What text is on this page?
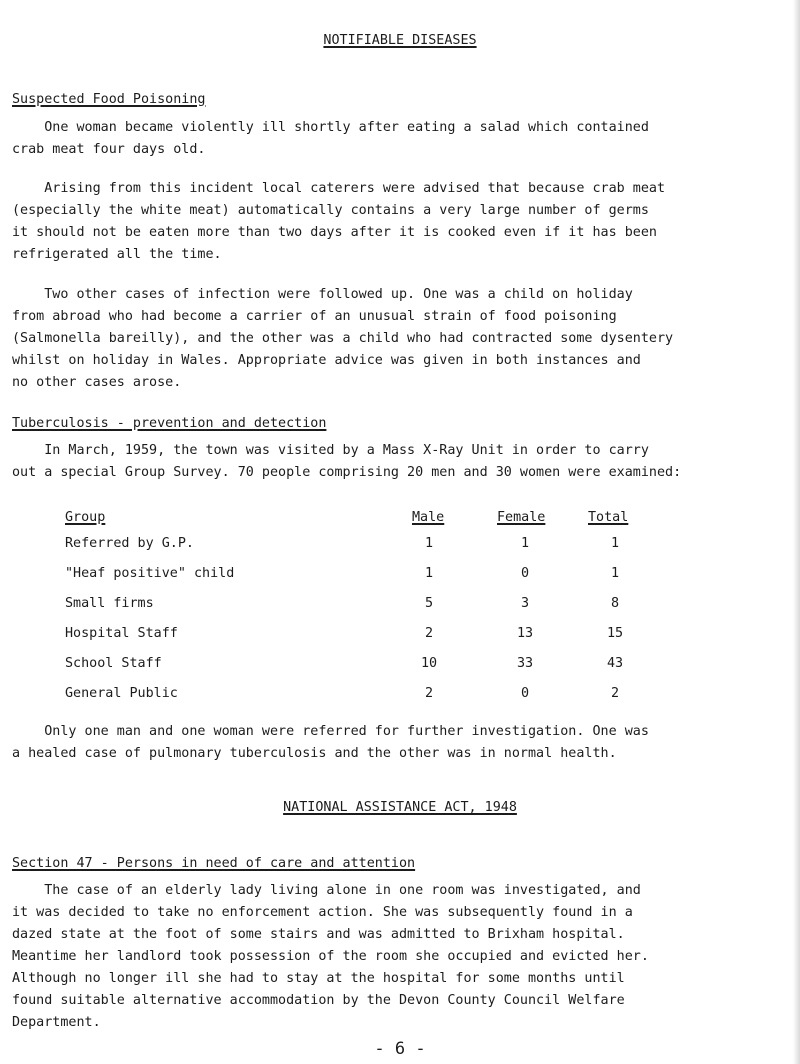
NOTIFIABLE DISEASES
Suspected Food Poisoning
One woman became violently ill shortly after eating a salad which contained
crab meat four days old.
Arising from this incident local caterers were advised that because crab meat
(especially the white meat) automatically contains a very large number of germs
it should not be eaten more than two days after it is cooked even if it has been
refrigerated all the time.
Two other cases of infection were followed up. One was a child on holiday
from abroad who had become a carrier of an unusual strain of food poisoning
(Salmonella bareilly), and the other was a child who had contracted some dysentery
whilst on holiday in Wales. Appropriate advice was given in both instances and
no other cases arose.
Tuberculosis - prevention and detection
In March, 1959, the town was visited by a Mass X-Ray Unit in order to carry
out a special Group Survey. 70 people comprising 20 men and 30 women were examined:
Group	Male	Female	Total
Referred by G.P.	1	1	1
"Heaf positive" child	1	0	1
Small firms	5	3	8
Hospital Staff	2	13	15
School Staff	10	33	43
General Public	2	0	2
Only one man and one woman were referred for further investigation. One was
a healed case of pulmonary tuberculosis and the other was in normal health.
NATIONAL ASSISTANCE ACT, 1948
Section 47 - Persons in need of care and attention
The case of an elderly lady living alone in one room was investigated, and
it was decided to take no enforcement action. She was subsequently found in a
dazed state at the foot of some stairs and was admitted to Brixham hospital.
Meantime her landlord took possession of the room she occupied and evicted her.
Although no longer ill she had to stay at the hospital for some months until
found suitable alternative accommodation by the Devon County Council Welfare
Department.
- 6 -
